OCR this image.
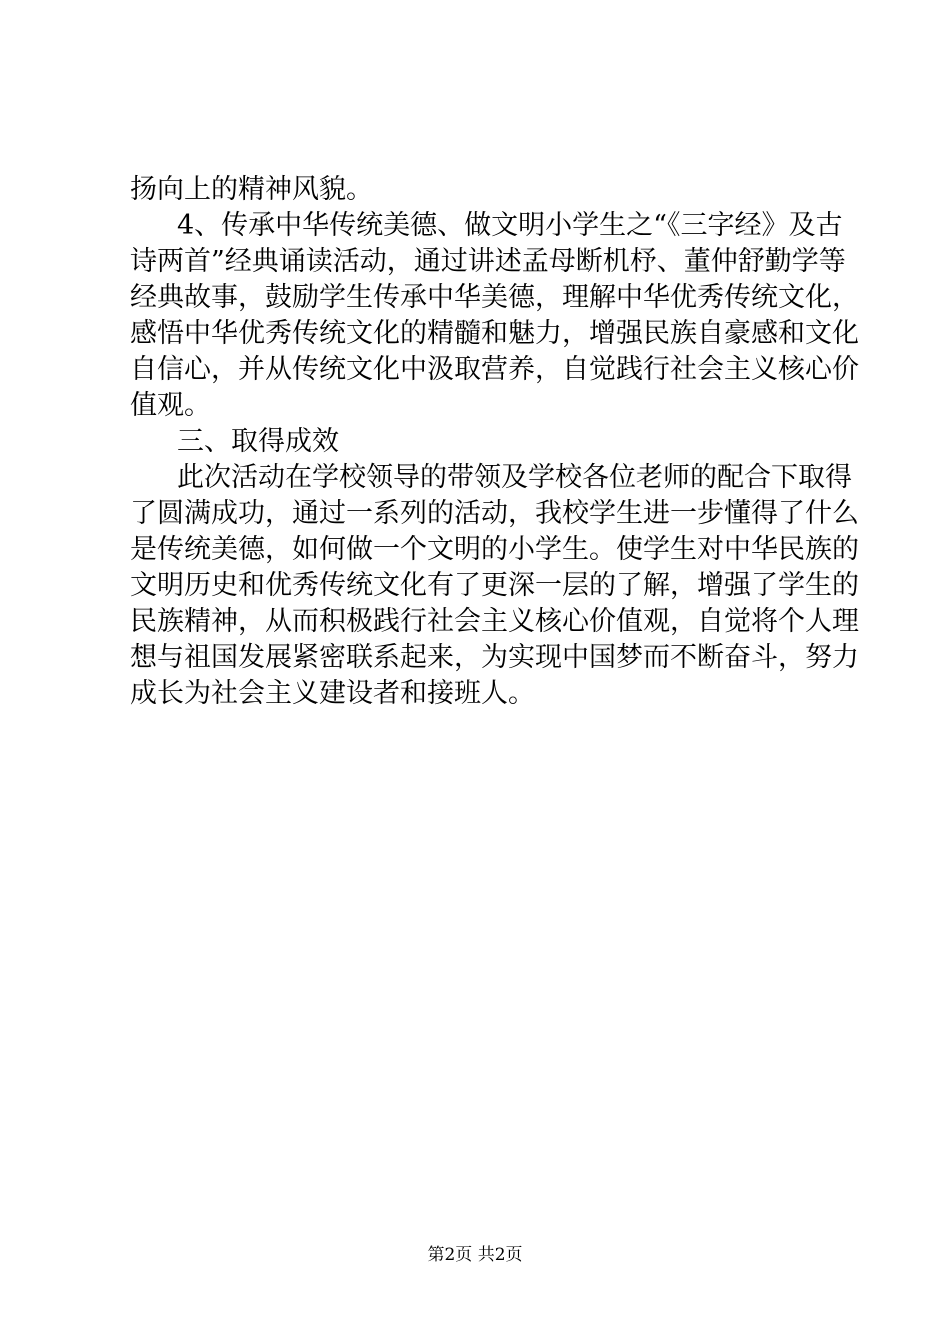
扬向上的精神风貌。
4、传承中华传统美德、做文明小学生之“《三字经》及古
诗两首”经典诵读活动，通过讲述孟母断机杼、董仲舒勤学等
经典故事，鼓励学生传承中华美德，理解中华优秀传统文化，
感悟中华优秀传统文化的精髓和魅力，增强民族自豪感和文化
自信心，并从传统文化中汲取营养，自觉践行社会主义核心价
值观。
三、取得成效
此次活动在学校领导的带领及学校各位老师的配合下取得
了圆满成功，通过一系列的活动，我校学生进一步懂得了什么
是传统美德，如何做一个文明的小学生。使学生对中华民族的
文明历史和优秀传统文化有了更深一层的了解，增强了学生的
民族精神，从而积极践行社会主义核心价值观，自觉将个人理
想与祖国发展紧密联系起来，为实现中国梦而不断奋斗，努力
成长为社会主义建设者和接班人。
第2页 共2页
